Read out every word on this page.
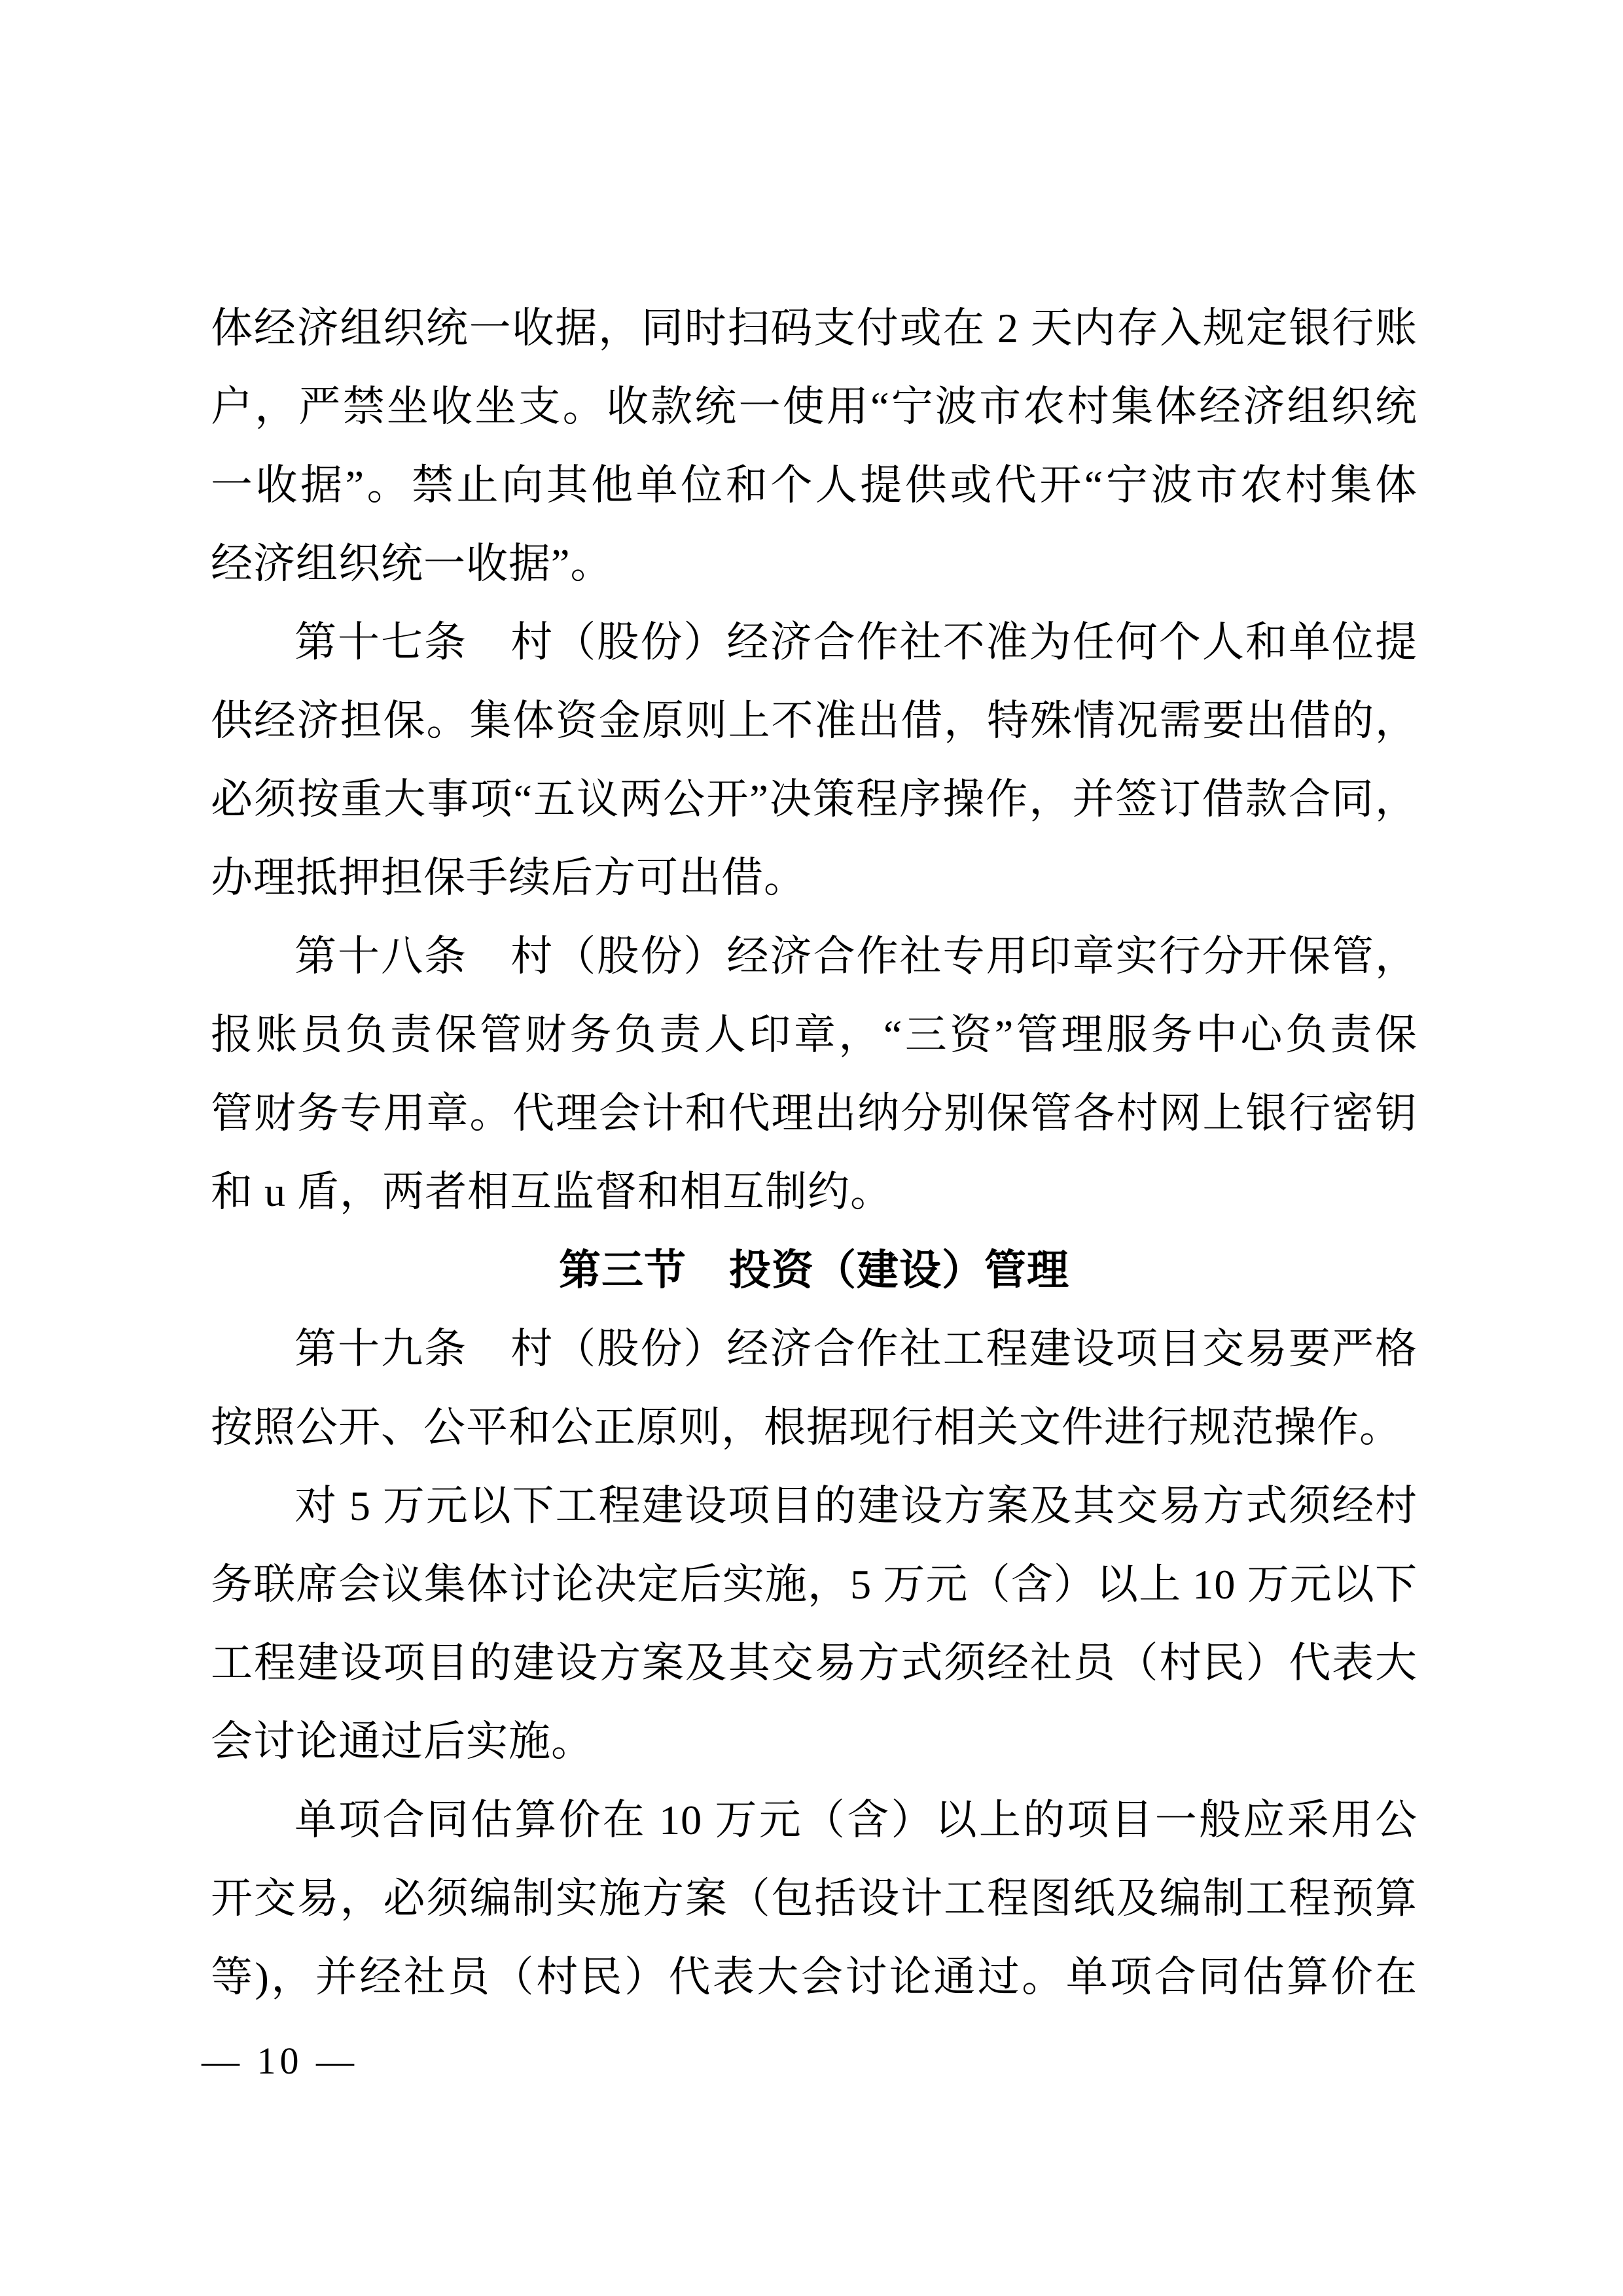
体经济组织统一收据，同时扫码支付或在 2 天内存入规定银行账
户，严禁坐收坐支。收款统一使用“宁波市农村集体经济组织统
一收据”。禁止向其他单位和个人提供或代开“宁波市农村集体
经济组织统一收据”。
第十七条　村（股份）经济合作社不准为任何个人和单位提
供经济担保。集体资金原则上不准出借，特殊情况需要出借的，
必须按重大事项“五议两公开”决策程序操作，并签订借款合同，
办理抵押担保手续后方可出借。
第十八条　村（股份）经济合作社专用印章实行分开保管，
报账员负责保管财务负责人印章，“三资”管理服务中心负责保
管财务专用章。代理会计和代理出纳分别保管各村网上银行密钥
和 u 盾，两者相互监督和相互制约。
第三节　投资（建设）管理
第十九条　村（股份）经济合作社工程建设项目交易要严格
按照公开、公平和公正原则，根据现行相关文件进行规范操作。
对 5 万元以下工程建设项目的建设方案及其交易方式须经村
务联席会议集体讨论决定后实施，5 万元（含）以上 10 万元以下
工程建设项目的建设方案及其交易方式须经社员（村民）代表大
会讨论通过后实施。
单项合同估算价在 10 万元（含）以上的项目一般应采用公
开交易，必须编制实施方案（包括设计工程图纸及编制工程预算
等)，并经社员（村民）代表大会讨论通过。单项合同估算价在
— 10 —
